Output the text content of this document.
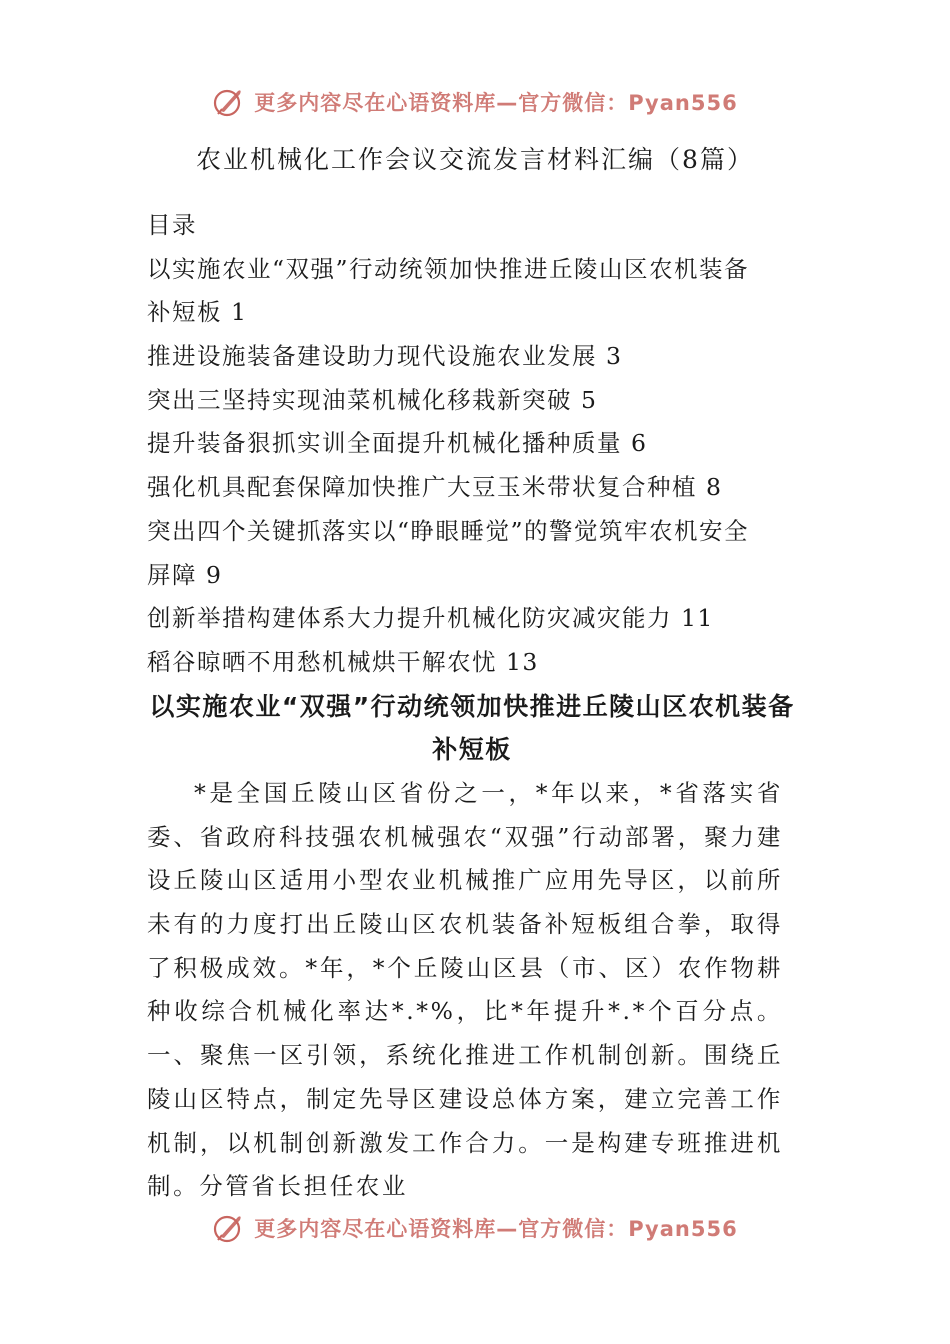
更多内容尽在心语资料库—官方微信：Pyan556
农业机械化工作会议交流发言材料汇编（8篇）
目录
以实施农业“双强”行动统领加快推进丘陵山区农机装备
补短板 1
推进设施装备建设助力现代设施农业发展 3
突出三坚持实现油菜机械化移栽新突破 5
提升装备狠抓实训全面提升机械化播种质量 6
强化机具配套保障加快推广大豆玉米带状复合种植 8
突出四个关键抓落实以“睁眼睡觉”的警觉筑牢农机安全
屏障 9
创新举措构建体系大力提升机械化防灾减灾能力 11
稻谷晾晒不用愁机械烘干解农忧 13
以实施农业“双强”行动统领加快推进丘陵山区农机装备
补短板

*是全国丘陵山区省份之一，*年以来，*省落实省委、省政府科技强农机械强农“双强”行动部署，聚力建设丘陵山区适用小型农业机械推广应用先导区，以前所未有的力度打出丘陵山区农机装备补短板组合拳，取得了积极成效。*年，*个丘陵山区县（市、区）农作物耕种收综合机械化率达*.*%，比*年提升*.*个百分点。一、聚焦一区引领，系统化推进工作机制创新。围绕丘陵山区特点，制定先导区建设总体方案，建立完善工作机制，以机制创新激发工作合力。一是构建专班推进机制。分管省长担任农业

更多内容尽在心语资料库—官方微信：Pyan556
